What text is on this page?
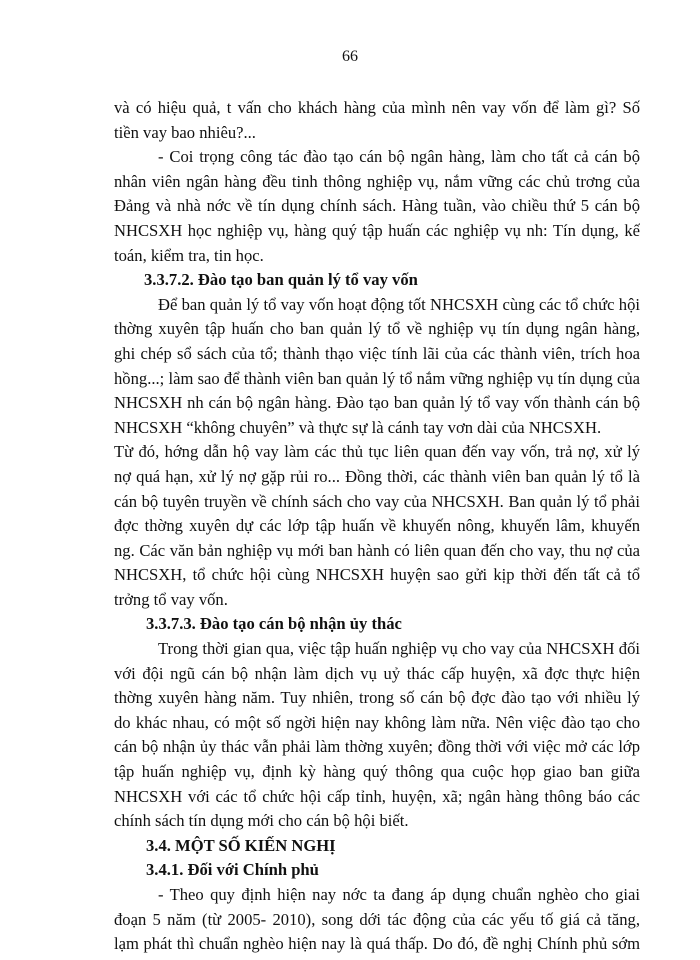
66
và có hiệu quả, t vấn cho khách hàng của mình nên vay vốn để làm gì? Số
tiền vay bao nhiêu?...
- Coi trọng công tác đào tạo cán bộ ngân hàng, làm cho tất cả cán bộ
nhân viên ngân hàng đều tinh thông nghiệp vụ, nắm vững các chủ trơng của
Đảng và nhà nớc về tín dụng chính sách. Hàng tuần, vào chiều thứ 5 cán bộ
NHCSXH học nghiệp vụ, hàng quý tập huấn các nghiệp vụ nh: Tín dụng, kế
toán, kiểm tra, tin học.
3.3.7.2. Đào tạo ban quản lý tổ vay vốn
Để ban quản lý tổ vay vốn hoạt động tốt NHCSXH cùng các tổ chức hội
thờng xuyên tập huấn cho ban quản lý tổ về nghiệp vụ tín dụng ngân hàng,
ghi chép sổ sách của tổ; thành thạo việc tính lãi của các thành viên, trích hoa
hồng...; làm sao để thành viên ban quản lý tổ nắm vững nghiệp vụ tín dụng của
NHCSXH nh cán bộ ngân hàng. Đào tạo ban quản lý tổ vay vốn thành cán bộ
NHCSXH “không chuyên” và thực sự là cánh tay vơn dài của NHCSXH.
Từ đó, hớng dẫn hộ vay làm các thủ tục liên quan đến vay vốn, trả nợ, xử lý
nợ quá hạn, xử lý nợ gặp rủi ro... Đồng thời, các thành viên ban quản lý tổ là
cán bộ tuyên truyền về chính sách cho vay của NHCSXH. Ban quản lý tổ phải
đợc thờng xuyên dự các lớp tập huấn về khuyến nông, khuyến lâm, khuyến
ng. Các văn bản nghiệp vụ mới ban hành có liên quan đến cho vay, thu nợ của
NHCSXH, tổ chức hội cùng NHCSXH huyện sao gửi kịp thời đến tất cả tổ
trởng tổ vay vốn.
3.3.7.3. Đào tạo cán bộ nhận ủy thác
Trong thời gian qua, việc tập huấn nghiệp vụ cho vay của NHCSXH đối
với đội ngũ cán bộ nhận làm dịch vụ uỷ thác cấp huyện, xã đợc thực hiện
thờng xuyên hàng năm. Tuy nhiên, trong số cán bộ đợc đào tạo với nhiều lý
do khác nhau, có một số ngời hiện nay không làm nữa. Nên việc đào tạo cho
cán bộ nhận ủy thác vẫn phải làm thờng xuyên; đồng thời với việc mở các lớp
tập huấn nghiệp vụ, định kỳ hàng quý thông qua cuộc họp giao ban giữa
NHCSXH với các tổ chức hội cấp tỉnh, huyện, xã; ngân hàng thông báo các
chính sách tín dụng mới cho cán bộ hội biết.
3.4. MỘT SỐ KIẾN NGHỊ
3.4.1. Đối với Chính phủ
- Theo quy định hiện nay nớc ta đang áp dụng chuẩn nghèo cho giai
đoạn 5 năm (từ 2005- 2010), song dới tác động của các yếu tố giá cả tăng,
lạm phát thì chuẩn nghèo hiện nay là quá thấp. Do đó, đề nghị Chính phủ sớm
